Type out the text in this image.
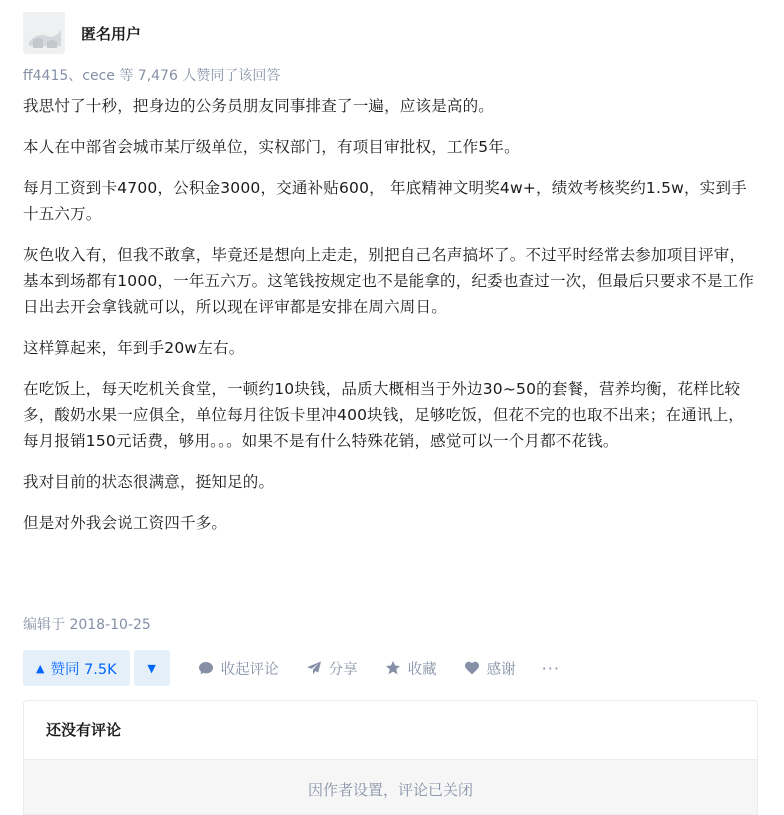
匿名用户
ff4415、cece 等 7,476 人赞同了该回答

我思忖了十秒，把身边的公务员朋友同事排查了一遍，应该是高的。

本人在中部省会城市某厅级单位，实权部门，有项目审批权，工作5年。

每月工资到卡4700，公积金3000，交通补贴600， 年底精神文明奖4w+，绩效考核奖约1.5w，实到手十五六万。

灰色收入有，但我不敢拿，毕竟还是想向上走走，别把自己名声搞坏了。不过平时经常去参加项目评审，基本到场都有1000，一年五六万。这笔钱按规定也不是能拿的，纪委也查过一次，但最后只要求不是工作日出去开会拿钱就可以，所以现在评审都是安排在周六周日。

这样算起来，年到手20w左右。

在吃饭上，每天吃机关食堂，一顿约10块钱，品质大概相当于外边30~50的套餐，营养均衡，花样比较多，酸奶水果一应俱全，单位每月往饭卡里冲400块钱，足够吃饭，但花不完的也取不出来；在通讯上，每月报销150元话费，够用。。。如果不是有什么特殊花销，感觉可以一个月都不花钱。

我对目前的状态很满意，挺知足的。

但是对外我会说工资四千多。

编辑于 2018-10-25
▲ 赞同 7.5K	▼	收起评论	分享	收藏	感谢 ···
还没有评论
因作者设置，评论已关闭
